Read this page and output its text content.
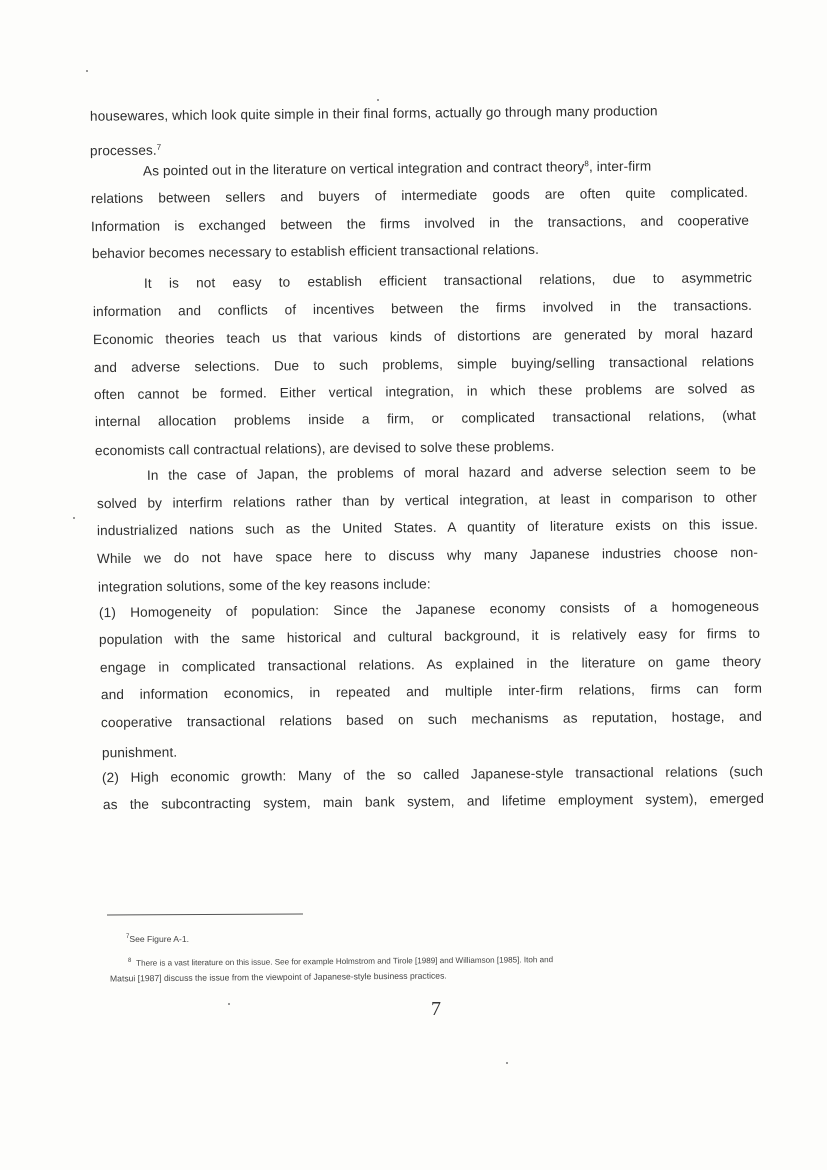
housewares, which look quite simple in their final forms, actually go through many production
processes.$^7$
As pointed out in the literature on vertical integration and contract theory$^8$, inter-firm
relations between sellers and buyers of intermediate goods are often quite complicated.
Information is exchanged between the firms involved in the transactions, and cooperative
behavior becomes necessary to establish efficient transactional relations.
It is not easy to establish efficient transactional relations, due to asymmetric
information and conflicts of incentives between the firms involved in the transactions.
Economic theories teach us that various kinds of distortions are generated by moral hazard
and adverse selections. Due to such problems, simple buying/selling transactional relations
often cannot be formed. Either vertical integration, in which these problems are solved as
internal allocation problems inside a firm, or complicated transactional relations, (what
economists call contractual relations), are devised to solve these problems.
In the case of Japan, the problems of moral hazard and adverse selection seem to be
solved by interfirm relations rather than by vertical integration, at least in comparison to other
industrialized nations such as the United States. A quantity of literature exists on this issue.
While we do not have space here to discuss why many Japanese industries choose non-
integration solutions, some of the key reasons include:
(1) Homogeneity of population: Since the Japanese economy consists of a homogeneous
population with the same historical and cultural background, it is relatively easy for firms to
engage in complicated transactional relations. As explained in the literature on game theory
and information economics, in repeated and multiple inter-firm relations, firms can form
cooperative transactional relations based on such mechanisms as reputation, hostage, and
punishment.
(2) High economic growth: Many of the so called Japanese-style transactional relations (such
as the subcontracting system, main bank system, and lifetime employment system), emerged
$^7$See Figure A-1.
$^8$ There is a vast literature on this issue. See for example Holmstrom and Tirole [1989] and Williamson [1985]. Itoh and
Matsui [1987] discuss the issue from the viewpoint of Japanese-style business practices.
7
